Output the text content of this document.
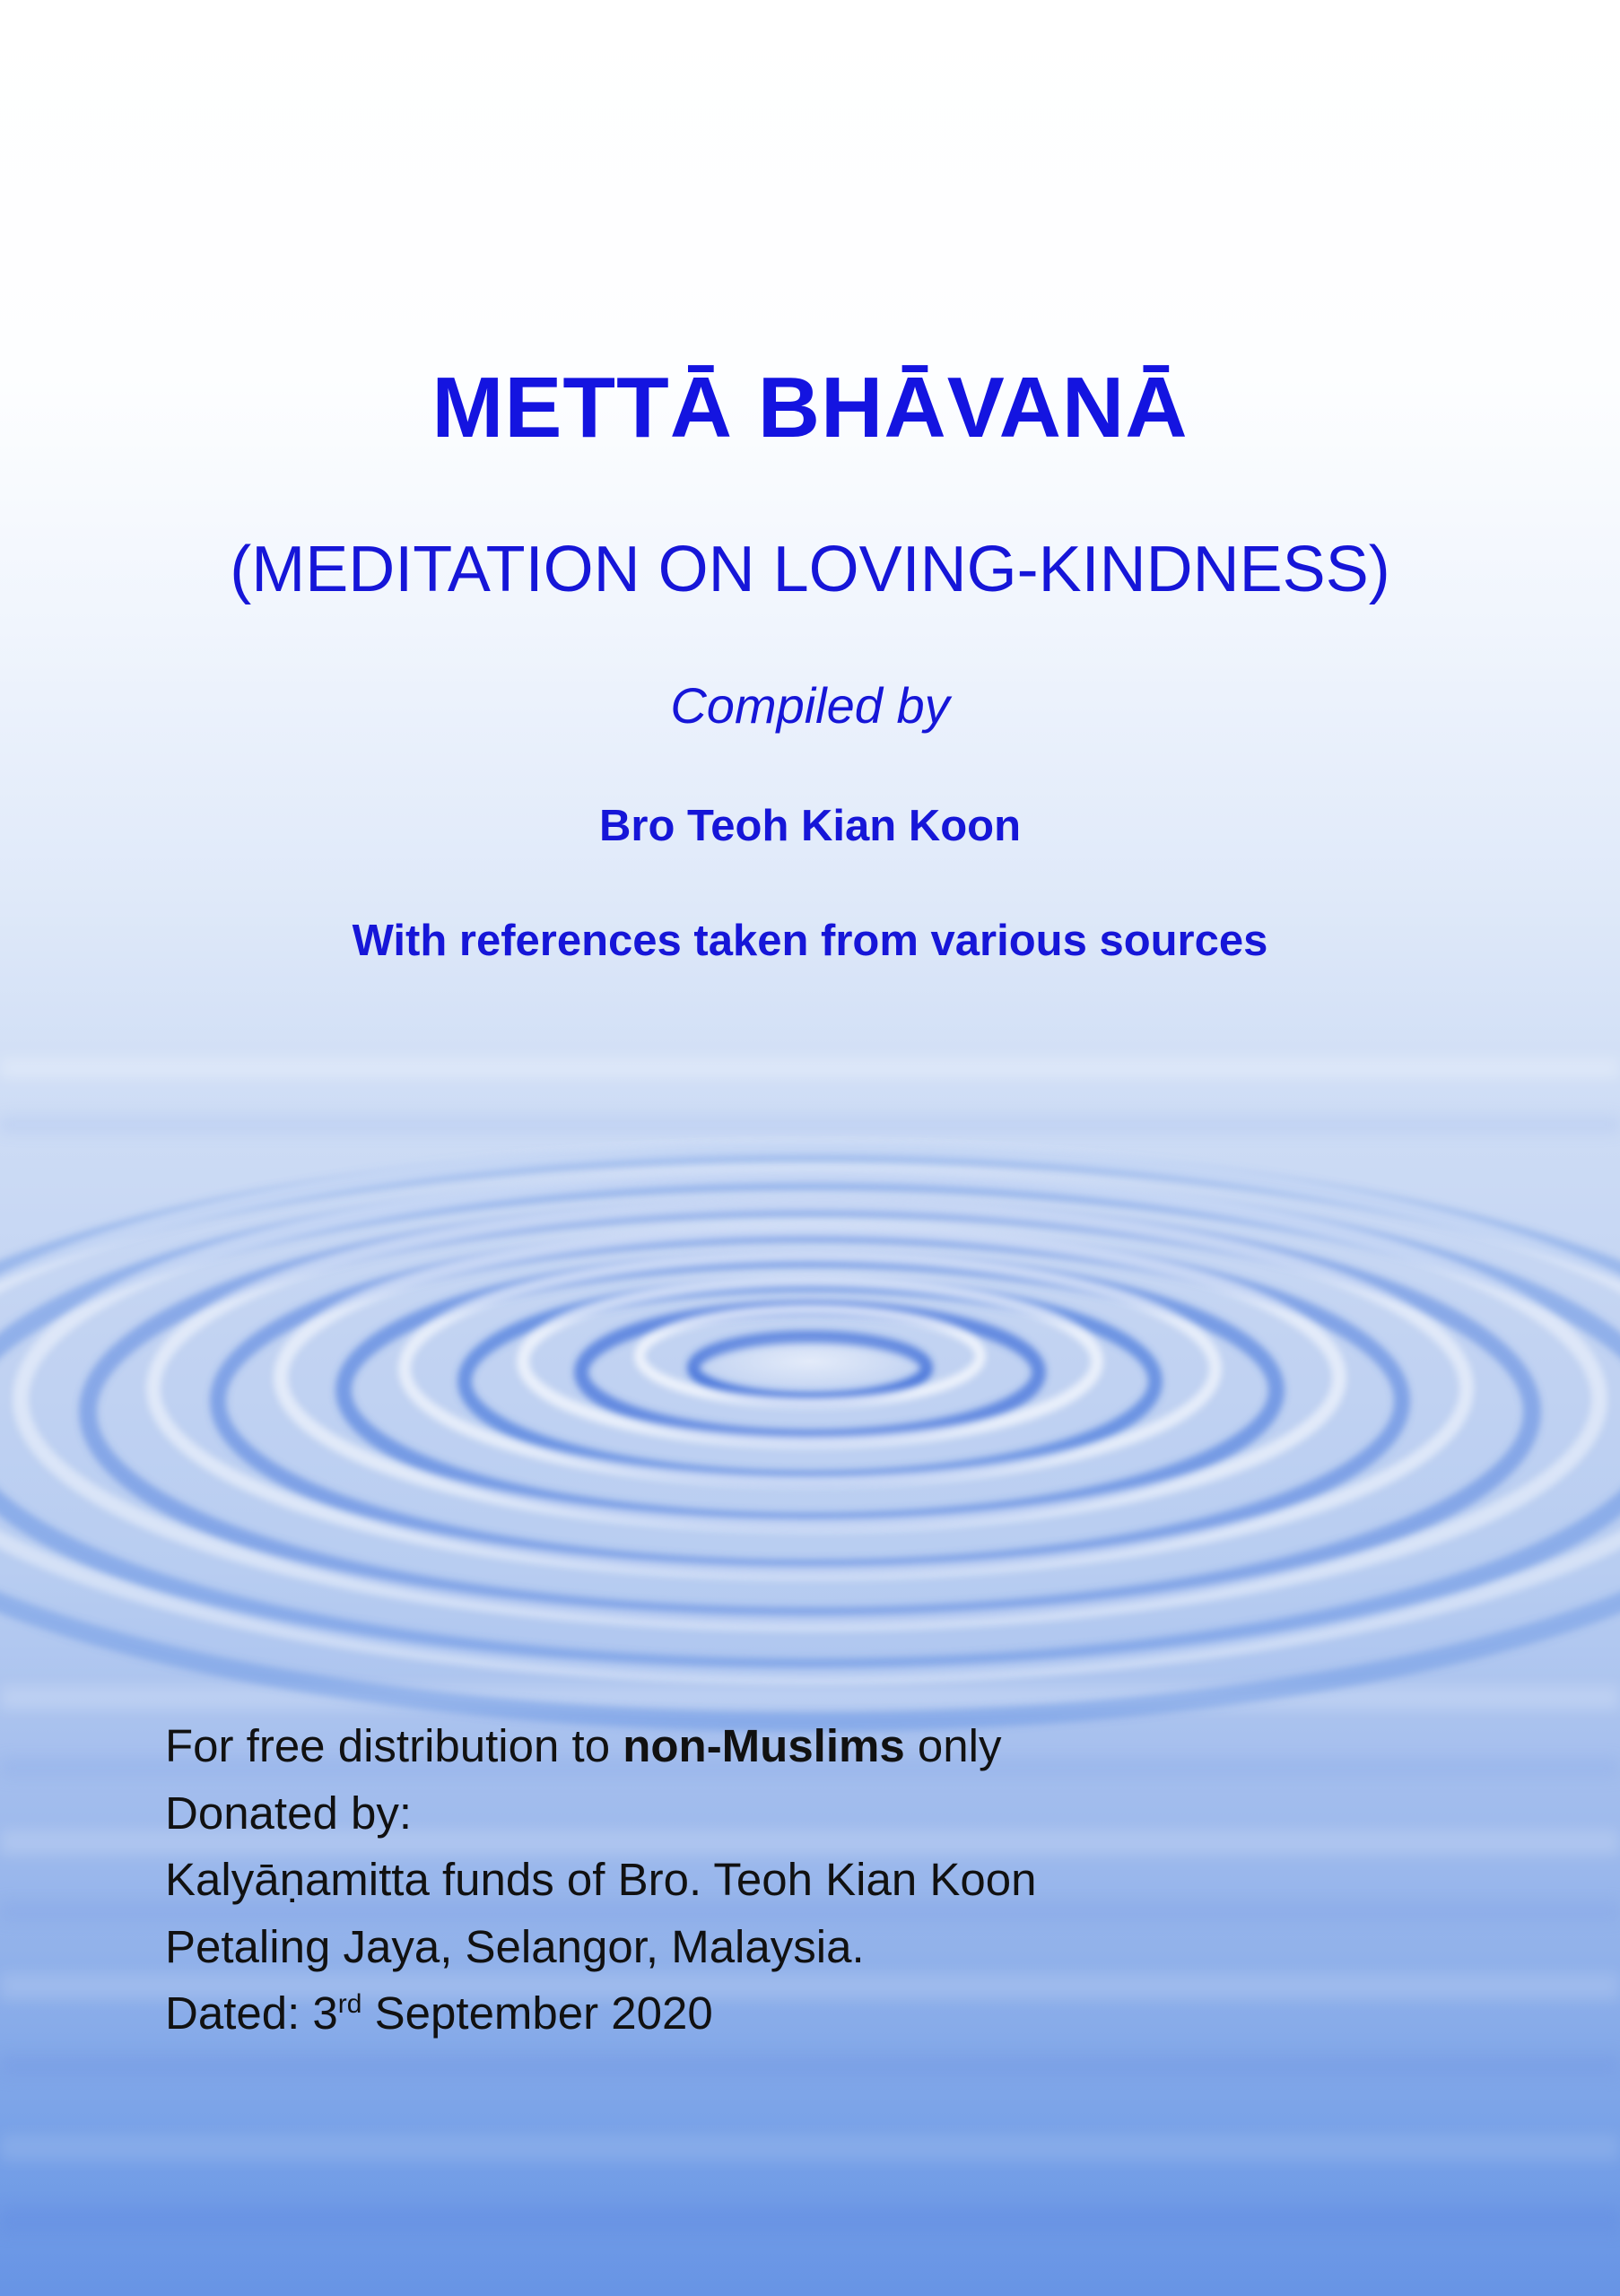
METTĀ BHĀVANĀ
(MEDITATION ON LOVING-KINDNESS)
Compiled by
Bro Teoh Kian Koon
With references taken from various sources
For free distribution to non-Muslims only
Donated by:
Kalyāṇamitta funds of Bro. Teoh Kian Koon
Petaling Jaya, Selangor, Malaysia.
Dated: 3rd September 2020
